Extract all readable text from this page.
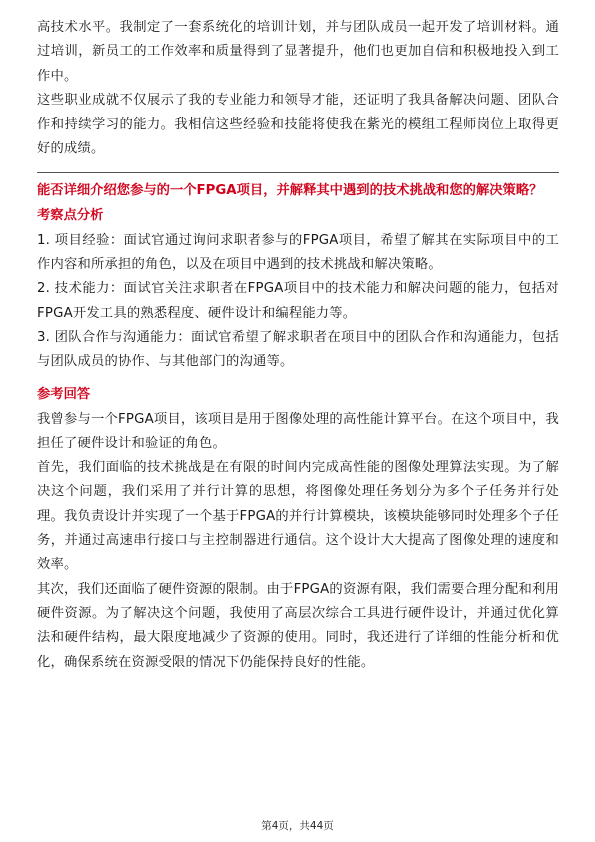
高技术水平。我制定了一套系统化的培训计划，并与团队成员一起开发了培训材料。通过培训，新员工的工作效率和质量得到了显著提升，他们也更加自信和积极地投入到工作中。

这些职业成就不仅展示了我的专业能力和领导才能，还证明了我具备解决问题、团队合作和持续学习的能力。我相信这些经验和技能将使我在紫光的模组工程师岗位上取得更好的成绩。

能否详细介绍您参与的一个FPGA项目，并解释其中遇到的技术挑战和您的解决策略？
考察点分析

1. 项目经验：面试官通过询问求职者参与的FPGA项目，希望了解其在实际项目中的工作内容和所承担的角色，以及在项目中遇到的技术挑战和解决策略。

2. 技术能力：面试官关注求职者在FPGA项目中的技术能力和解决问题的能力，包括对FPGA开发工具的熟悉程度、硬件设计和编程能力等。

3. 团队合作与沟通能力：面试官希望了解求职者在项目中的团队合作和沟通能力，包括与团队成员的协作、与其他部门的沟通等。

参考回答

我曾参与一个FPGA项目，该项目是用于图像处理的高性能计算平台。在这个项目中，我担任了硬件设计和验证的角色。

首先，我们面临的技术挑战是在有限的时间内完成高性能的图像处理算法实现。为了解决这个问题，我们采用了并行计算的思想，将图像处理任务划分为多个子任务并行处理。我负责设计并实现了一个基于FPGA的并行计算模块，该模块能够同时处理多个子任务，并通过高速串行接口与主控制器进行通信。这个设计大大提高了图像处理的速度和效率。

其次，我们还面临了硬件资源的限制。由于FPGA的资源有限，我们需要合理分配和利用硬件资源。为了解决这个问题，我使用了高层次综合工具进行硬件设计，并通过优化算法和硬件结构，最大限度地减少了资源的使用。同时，我还进行了详细的性能分析和优化，确保系统在资源受限的情况下仍能保持良好的性能。

第4页，共44页
